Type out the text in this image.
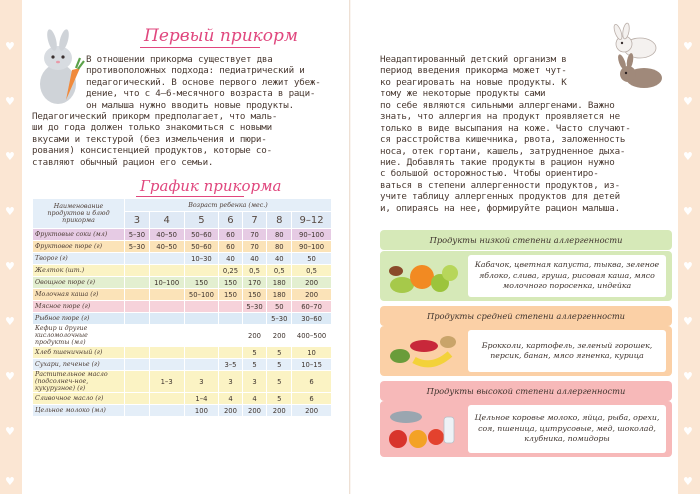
♥
♥
♥
♥
♥
♥
♥
♥
♥
♥
♥
♥
♥
♥
♥
♥
♥
♥
Первый прикорм
В отношении прикорма существует два
противоположных подхода: педиатрический и
педагогический. В основе первого лежит убеж-
дение, что с 4–6-месячного возраста в раци-
он малыша нужно вводить новые продукты.
Педагогический прикорм предполагает, что маль-
ши до года должен только знакомиться с новыми
вкусами и текстурой (без измельчения и пюри-
рования) консистенцией продуктов, которые со-
ставляют обычный рацион его семьи.
График прикорма
Наименование продуктов и блюд прикорма	Возраст ребенка (мес.)						
	3	4	5	6	7	8	9–12
Фруктовые соки (мл)	5–30	40–50	50–60	60	70	80	90–100
Фруктовое пюре (г)	5–30	40–50	50–60	60	70	80	90–100
Творог (г)			10–30	40	40	40	50
Желток (шт.)				0,25	0,5	0,5	0,5
Овощное пюре (г)		10–100	150	150	170	180	200
Молочная каша (г)			50–100	150	150	180	200
Мясное пюре (г)					5–30	50	60–70
Рыбное пюре (г)						5–30	30–60
Кефир и другие кисломолочные продукты (мл)					200	200	400–500
Хлеб пшеничный (г)					5	5	10
Сухари, печенье (г)				3–5	5	5	10–15
Растительное масло (подсолнеч-ное, кукурузное) (г)		1–3	3	3	3	5	6
Сливочное масло (г)			1–4	4	4	5	6
Цельное молоко (мл)			100	200	200	200	200
Неадаптированный детский организм в
период введения прикорма может чут-
ко реагировать на новые продукты. К
тому же некоторые продукты сами
по себе являются сильными аллергенами. Важно
знать, что аллергия на продукт проявляется не
только в виде высыпания на коже. Часто случают-
ся расстройства кишечника, рвота, заложенность
носа, отек гортани, кашель, затрудненное дыха-
ние. Добавлять такие продукты в рацион нужно
с большой осторожностью. Чтобы ориентиро-
ваться в степени аллергенности продуктов, из-
учите таблицу аллергенных продуктов для детей
и, опираясь на нее, формируйте рацион малыша.
Продукты низкой степени аллергенности
Кабачок, цветная капуста, тыква, зеленое яблоко, слива, груша, рисовая каша, мясо молочного поросенка, индейка
Продукты средней степени аллергенности
Брокколи, картофель, зеленый горошек, персик, банан, мясо ягненка, курица
Продукты высокой степени аллергенности
Цельное коровье молоко, яйца, рыба, орехи, соя, пшеница, цитрусовые, мед, шоколад, клубника, помидоры
